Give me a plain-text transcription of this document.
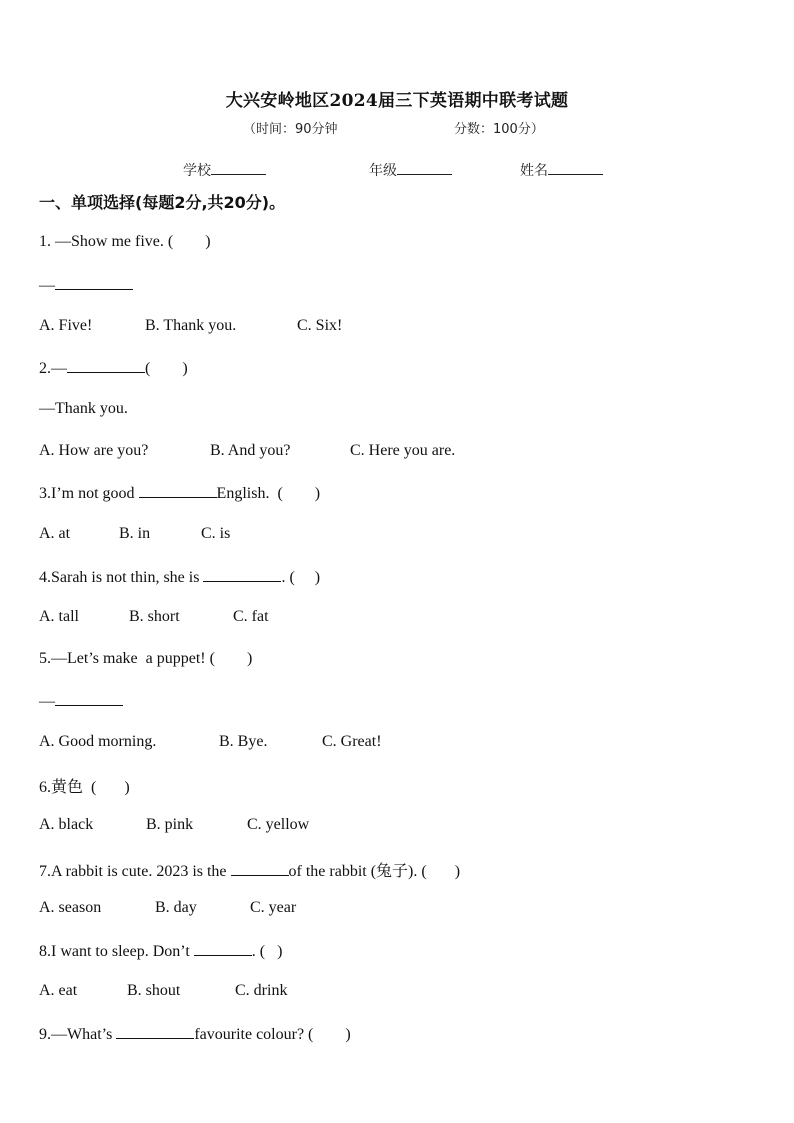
大兴安岭地区2024届三下英语期中联考试题
（时间：90分钟	分数：100分）
学校	年级	姓名
一、单项选择(每题2分,共20分)。
1. —Show me five. (        )
—
A. Five!	B. Thank you.	C. Six!
2.—	(        )
—Thank you.
A. How are you?	B. And you?	C. Here you are.
3.I’m not good	English.  (        )
A. at	B. in	C. is
4.Sarah is not thin, she is	. (     )
A. tall	B. short	C. fat
5.—Let’s make  a puppet! (        )
—
A. Good morning.	B. Bye.	C. Great!
6.黄色  (       )
A. black	B. pink	C. yellow
7.A rabbit is cute. 2023 is the	of the rabbit (兔子). (       )
A. season	B. day	C. year
8.I want to sleep. Don’t	. (   )
A. eat	B. shout	C. drink
9.—What’s	favourite colour? (        )
